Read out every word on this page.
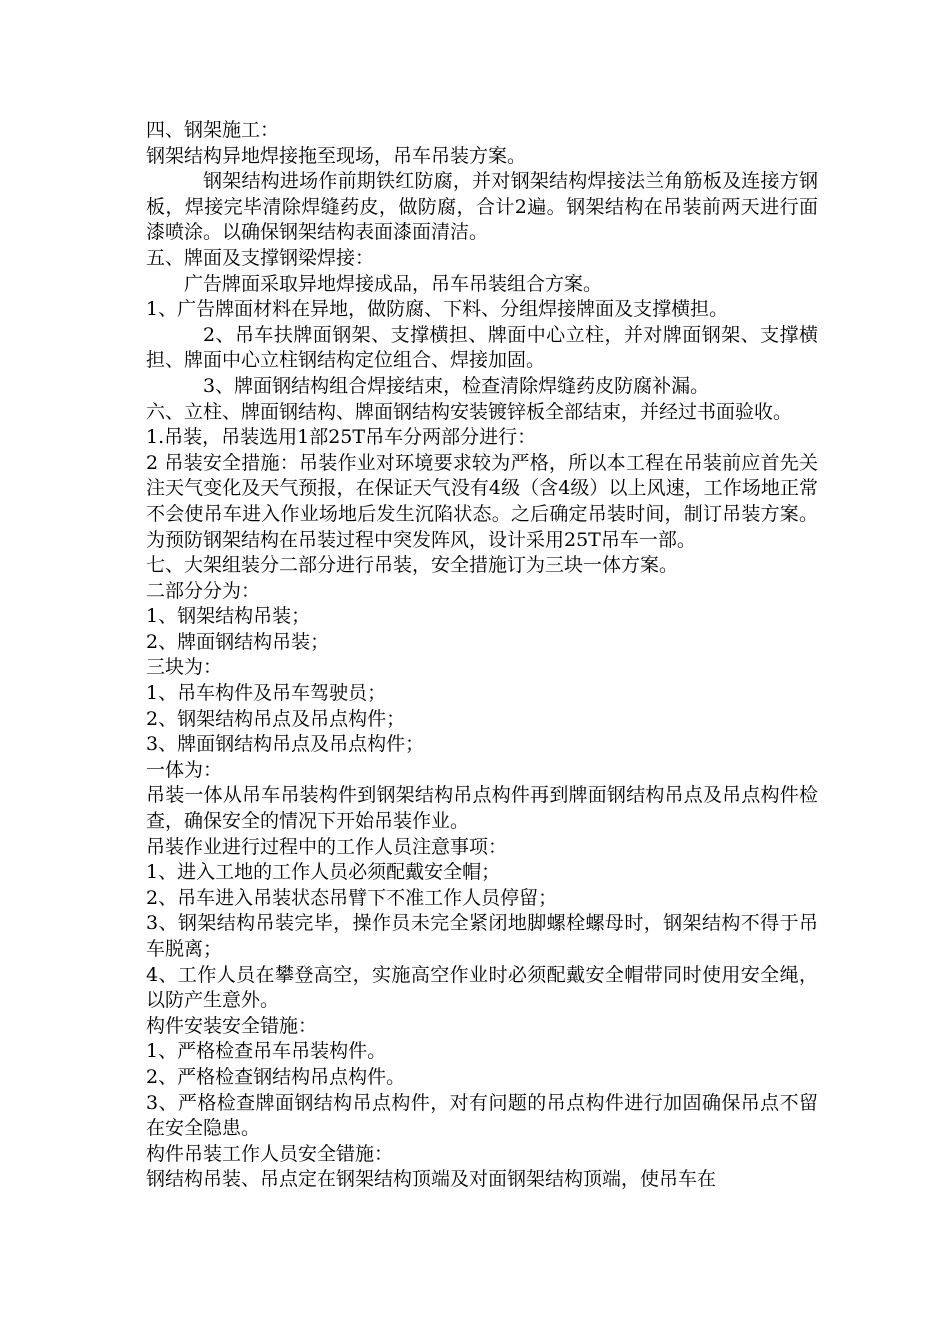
四、钢架施工：

钢架结构异地焊接拖至现场，吊车吊装方案。

钢架结构进场作前期铁红防腐，并对钢架结构焊接法兰角筋板及连接方钢板，焊接完毕清除焊缝药皮，做防腐，合计2遍。钢架结构在吊装前两天进行面漆喷涂。以确保钢架结构表面漆面清洁。

五、牌面及支撑钢梁焊接：

广告牌面采取异地焊接成品，吊车吊装组合方案。

1、广告牌面材料在异地，做防腐、下料、分组焊接牌面及支撑横担。

2、吊车扶牌面钢架、支撑横担、牌面中心立柱，并对牌面钢架、支撑横担、牌面中心立柱钢结构定位组合、焊接加固。

3、牌面钢结构组合焊接结束，检查清除焊缝药皮防腐补漏。

六、立柱、牌面钢结构、牌面钢结构安装镀锌板全部结束，并经过书面验收。

1.吊装，吊装选用1部25T吊车分两部分进行：

2 吊装安全措施：吊装作业对环境要求较为严格，所以本工程在吊装前应首先关注天气变化及天气预报，在保证天气没有4级（含4级）以上风速，工作场地正常不会使吊车进入作业场地后发生沉陷状态。之后确定吊装时间，制订吊装方案。为预防钢架结构在吊装过程中突发阵风，设计采用25T吊车一部。

七、大架组装分二部分进行吊装，安全措施订为三块一体方案。

二部分分为：

1、钢架结构吊装；

2、牌面钢结构吊装；

三块为：

1、吊车构件及吊车驾驶员；

2、钢架结构吊点及吊点构件；

3、牌面钢结构吊点及吊点构件；

一体为：

吊装一体从吊车吊装构件到钢架结构吊点构件再到牌面钢结构吊点及吊点构件检查，确保安全的情况下开始吊装作业。

吊装作业进行过程中的工作人员注意事项：

1、进入工地的工作人员必须配戴安全帽；

2、吊车进入吊装状态吊臂下不准工作人员停留；

3、钢架结构吊装完毕，操作员未完全紧闭地脚螺栓螺母时，钢架结构不得于吊车脱离；

4、工作人员在攀登高空，实施高空作业时必须配戴安全帽带同时使用安全绳，以防产生意外。

构件安装安全错施：

1、严格检查吊车吊装构件。

2、严格检查钢结构吊点构件。

3、严格检查牌面钢结构吊点构件，对有问题的吊点构件进行加固确保吊点不留在安全隐患。

构件吊装工作人员安全错施：

钢结构吊装、吊点定在钢架结构顶端及对面钢架结构顶端，使吊车在
